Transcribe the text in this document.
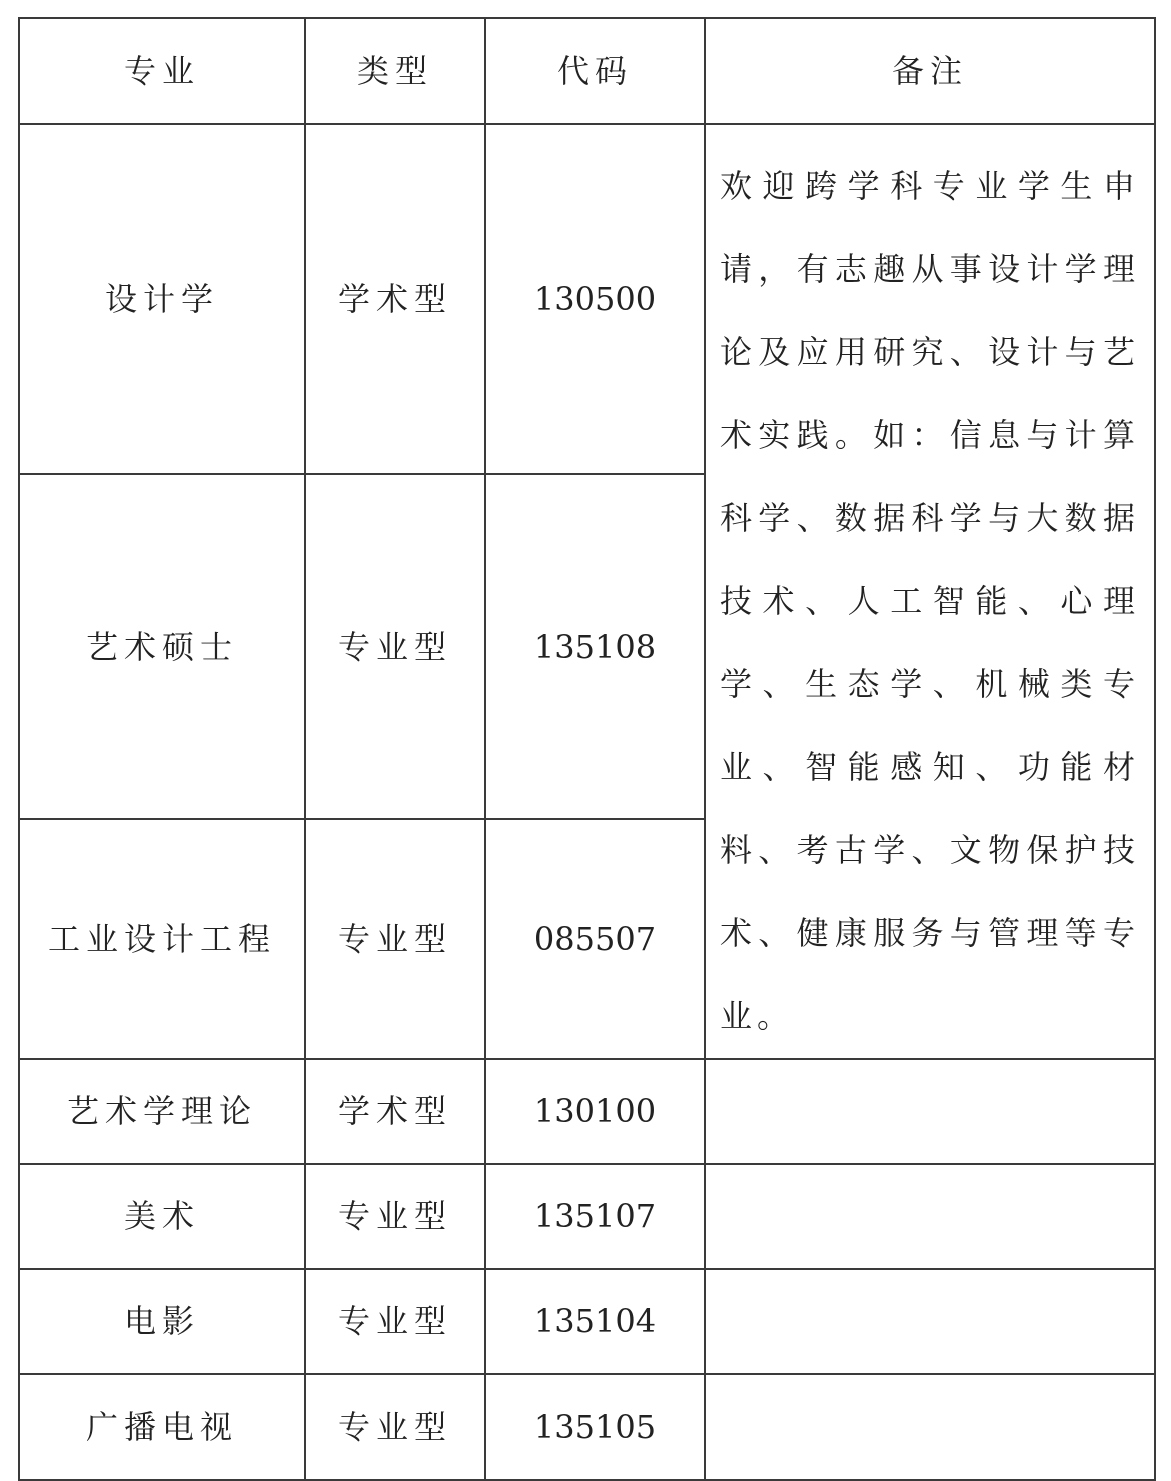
专业	类型	代码	备注
设计学	学术型	130500	欢迎跨学科专业学生申请，有志趣从事设计学理论及应用研究、设计与艺术实践。如：信息与计算科学、数据科学与大数据技术、人工智能、心理学、生态学、机械类专业、智能感知、功能材料、考古学、文物保护技术、健康服务与管理等专业。
艺术硕士	专业型	135108	
工业设计工程	专业型	085507	
艺术学理论	学术型	130100	
美术	专业型	135107	
电影	专业型	135104	
广播电视	专业型	135105	
